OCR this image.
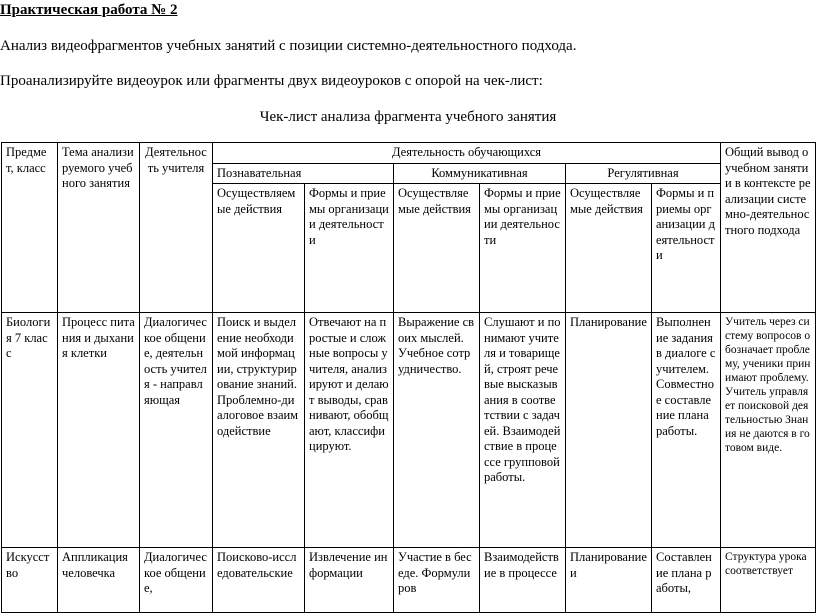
Практическая работа № 2
Анализ видеофрагментов учебных занятий с позиции системно-деятельностного подхода.
Проанализируйте видеоурок или фрагменты двух видеоуроков с опорой на чек-лист:
Чек-лист анализа фрагмента учебного занятия
Предмет, класс	Тема анализируемого учебного занятия	Деятельность учителя	Деятельность обучающихся						Общий вывод о учебном занятии в контексте реализации системно-деятельностного подхода
			Познавательная		Коммуникативная		Регулятивная		
			Осуществляемые действия	Формы и приемы организации деятельности	Осуществляемые действия	Формы и приемы организации деятельности	Осуществляемые действия	Формы и приемы организации деятельности	
Биология 7 класс	Процесс питания и дыхания клетки	Диалогическое общение, деятельность учителя - направляющая	Поиск и выделение необходимой информации, структурирование знаний. Проблемно-диалоговое взаимодействие	Отвечают на простые и сложные вопросы учителя, анализируют и делают выводы, сравнивают, обобщают, классифицируют.	Выражение своих мыслей. Учебное сотрудничество.	Слушают и понимают учителя и товарищей, строят речевые высказывания в соответствии с задачей. Взаимодействие в процессе групповой работы.	Планирование	Выполнение задания в диалоге с учителем. Совместное составление плана работы.	Учитель через систему вопросов обозначает проблему, ученики принимают проблему. Учитель управляет поисковой деятельностью Знания не даются в готовом виде.
Искусство	Аппликация человечка	Диалогическое общение,	Поисково-исследовательские	Извлечение информации	Участие в беседе. Формулиров	Взаимодействие в процессе	Планирование и	Составление плана работы,	Структура урока соответствует
